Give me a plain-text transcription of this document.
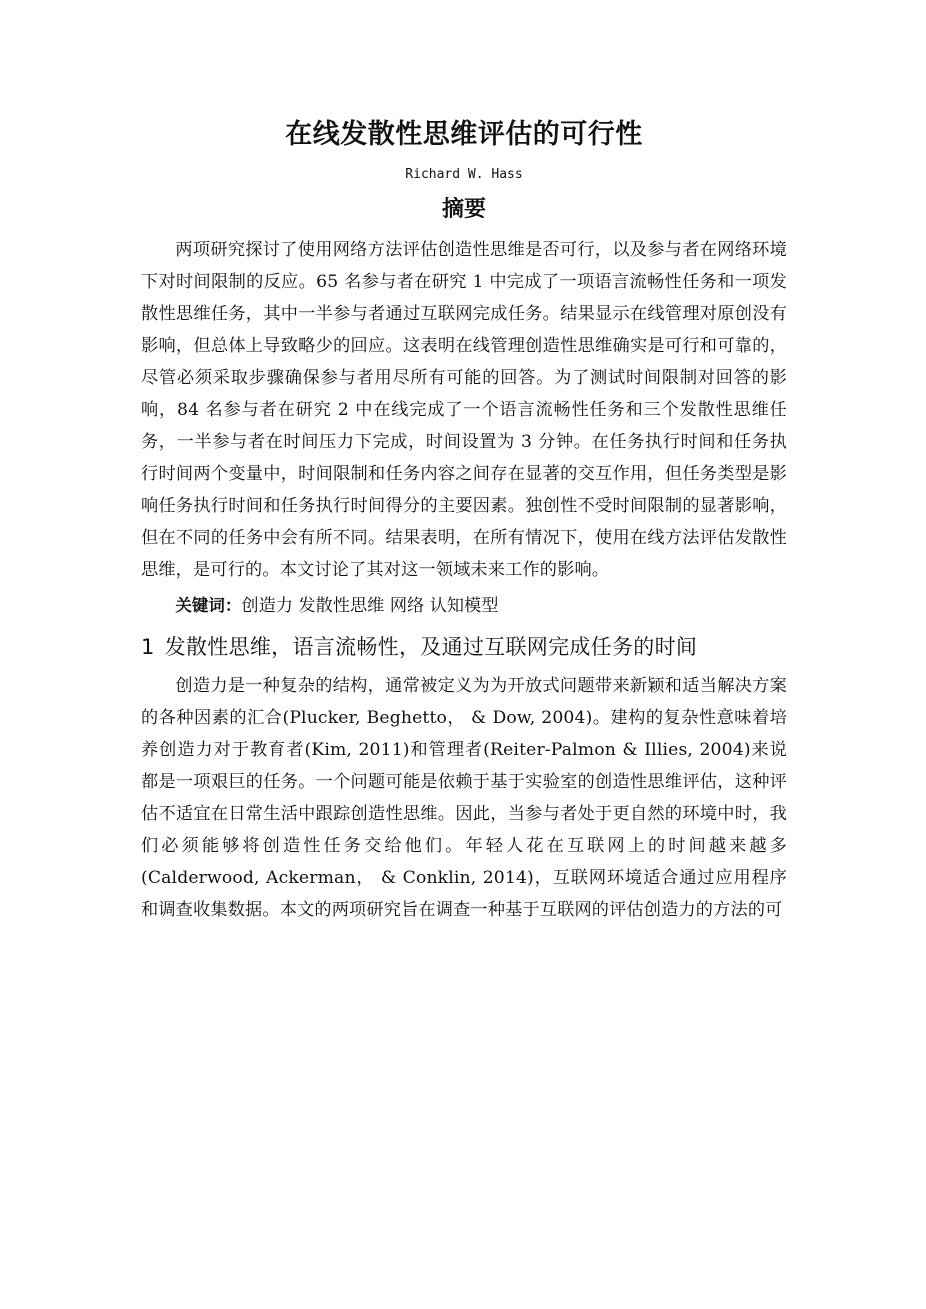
在线发散性思维评估的可行性

Richard W. Hass

摘要

两项研究探讨了使用网络方法评估创造性思维是否可行，以及参与者在网络环境下对时间限制的反应。65 名参与者在研究 1 中完成了一项语言流畅性任务和一项发散性思维任务，其中一半参与者通过互联网完成任务。结果显示在线管理对原创没有影响，但总体上导致略少的回应。这表明在线管理创造性思维确实是可行和可靠的，尽管必须采取步骤确保参与者用尽所有可能的回答。为了测试时间限制对回答的影响，84 名参与者在研究 2 中在线完成了一个语言流畅性任务和三个发散性思维任务，一半参与者在时间压力下完成，时间设置为 3 分钟。在任务执行时间和任务执行时间两个变量中，时间限制和任务内容之间存在显著的交互作用，但任务类型是影响任务执行时间和任务执行时间得分的主要因素。独创性不受时间限制的显著影响，但在不同的任务中会有所不同。结果表明，在所有情况下，使用在线方法评估发散性思维，是可行的。本文讨论了其对这一领域未来工作的影响。

关键词：创造力 发散性思维 网络 认知模型

1 发散性思维，语言流畅性，及通过互联网完成任务的时间

创造力是一种复杂的结构，通常被定义为为开放式问题带来新颖和适当解决方案的各种因素的汇合(Plucker, Beghetto， & Dow, 2004)。建构的复杂性意味着培养创造力对于教育者(Kim, 2011)和管理者(Reiter-Palmon & Illies, 2004)来说都是一项艰巨的任务。一个问题可能是依赖于基于实验室的创造性思维评估，这种评估不适宜在日常生活中跟踪创造性思维。因此，当参与者处于更自然的环境中时，我们必须能够将创造性任务交给他们。年轻人花在互联网上的时间越来越多(Calderwood, Ackerman， & Conklin, 2014)，互联网环境适合通过应用程序和调查收集数据。本文的两项研究旨在调查一种基于互联网的评估创造力的方法的可
